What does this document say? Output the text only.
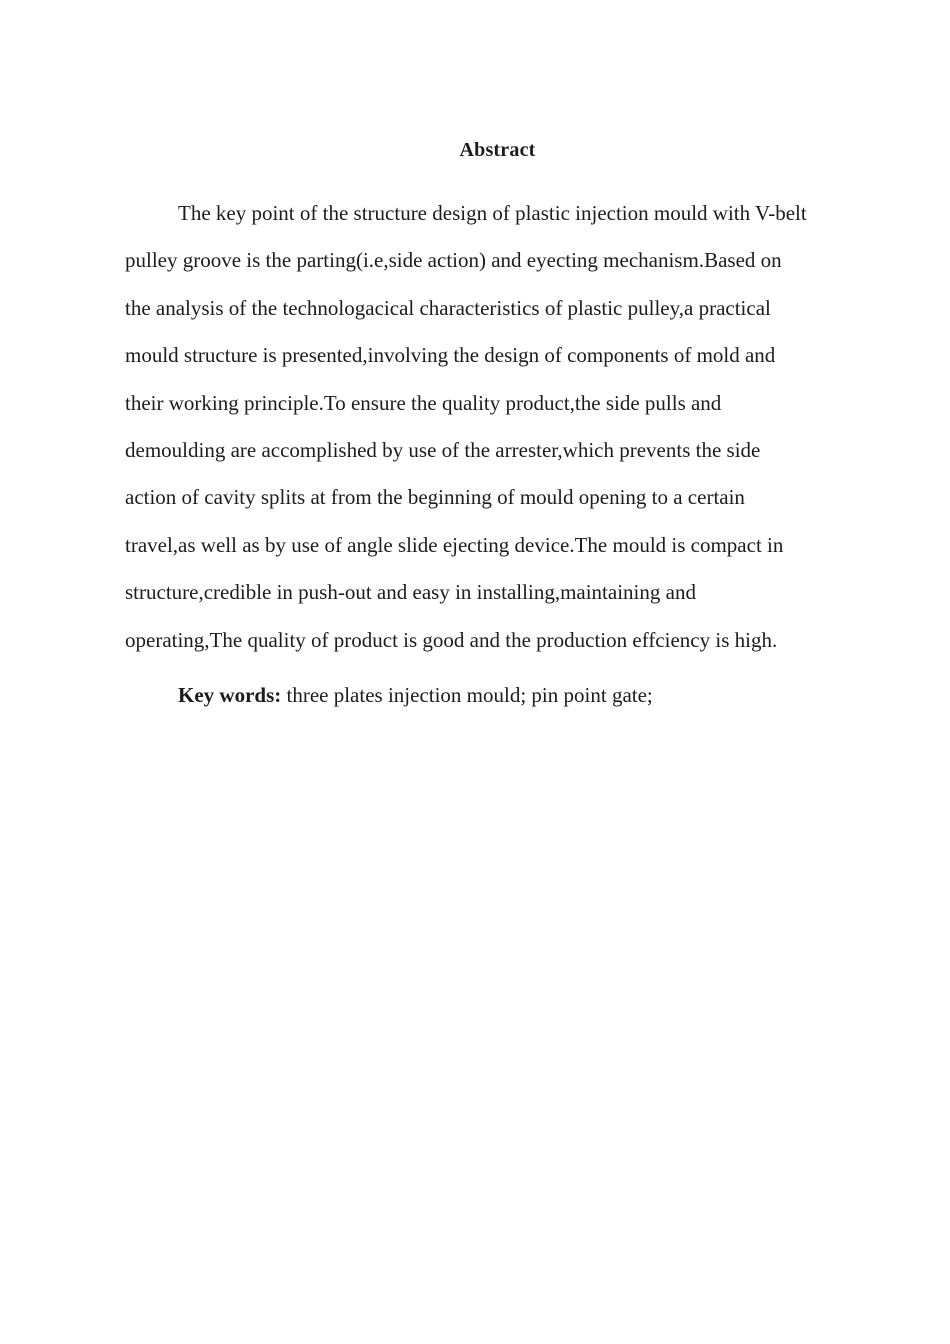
Abstract
The key point of the structure design of plastic injection mould with V-belt
pulley groove is the parting(i.e,side action) and eyecting mechanism.Based on
the analysis of the technologacical characteristics of plastic pulley,a practical
mould structure is presented,involving the design of components of mold and
their working principle.To ensure the quality product,the side pulls and
demoulding are accomplished by use of the arrester,which prevents the side
action of cavity splits at from the beginning of mould opening to a certain
travel,as well as by use of angle slide ejecting device.The mould is compact in
structure,credible in push-out and easy in installing,maintaining and
operating,The quality of product is good and the production effciency is high.
Key words: three plates injection mould; pin point gate;
